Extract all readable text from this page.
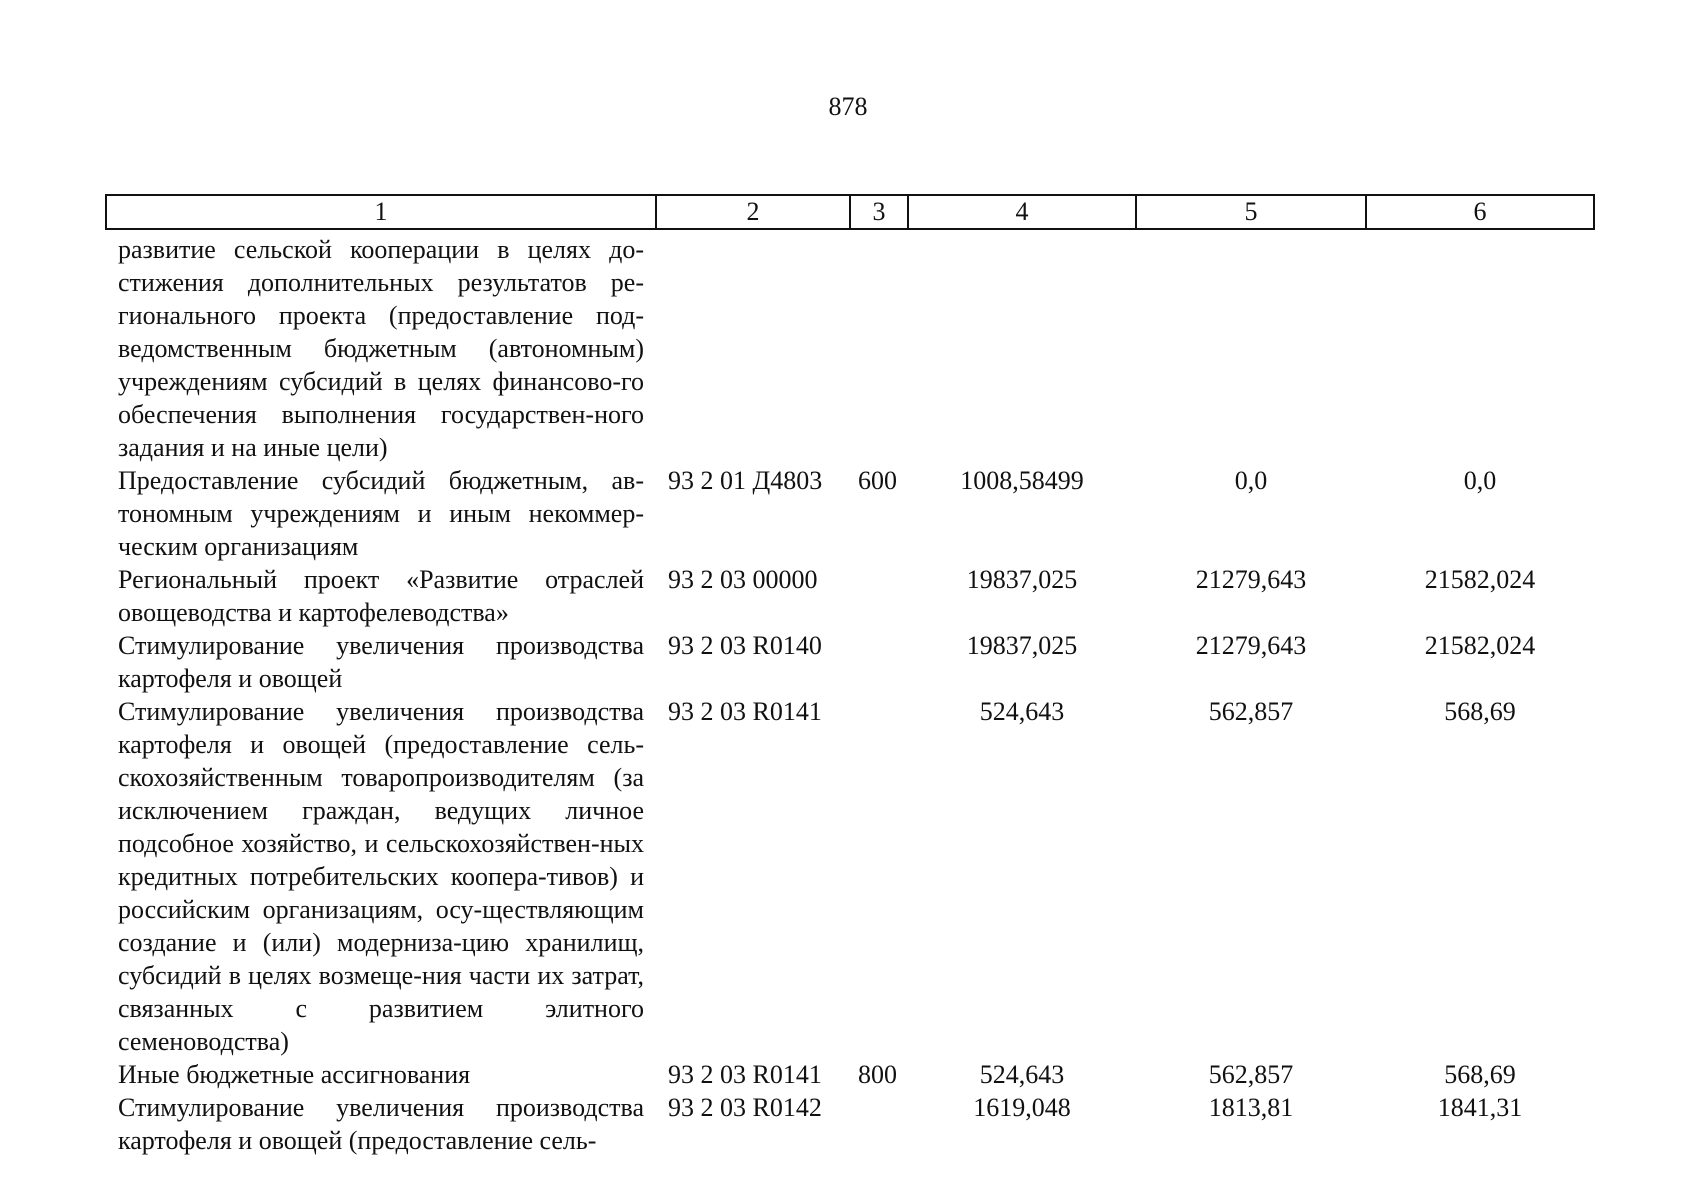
878
1	2	3	4	5	6
развитие сельской кооперации в целях до-стижения дополнительных результатов ре-гионального проекта (предоставление под-ведомственным бюджетным (автономным) учреждениям субсидий в целях финансово-го обеспечения выполнения государствен-ного задания и на иные цели)					
Предоставление субсидий бюджетным, ав-тономным учреждениям и иным некоммер-ческим организациям	93 2 01 Д4803	600	1008,58499	0,0	0,0
Региональный проект «Развитие отраслей овощеводства и картофелеводства»	93 2 03 00000		19837,025	21279,643	21582,024
Стимулирование увеличения производства картофеля и овощей	93 2 03 R0140		19837,025	21279,643	21582,024
Стимулирование увеличения производства картофеля и овощей (предоставление сель-скохозяйственным товаропроизводителям (за исключением граждан, ведущих личное подсобное хозяйство, и сельскохозяйствен-ных кредитных потребительских коопера-тивов) и российским организациям, осу-ществляющим создание и (или) модерниза-цию хранилищ, субсидий в целях возмеще-ния части их затрат, связанных с развитием элитного семеноводства)	93 2 03 R0141		524,643	562,857	568,69
Иные бюджетные ассигнования	93 2 03 R0141	800	524,643	562,857	568,69
Стимулирование увеличения производства картофеля и овощей (предоставление сель-	93 2 03 R0142		1619,048	1813,81	1841,31
